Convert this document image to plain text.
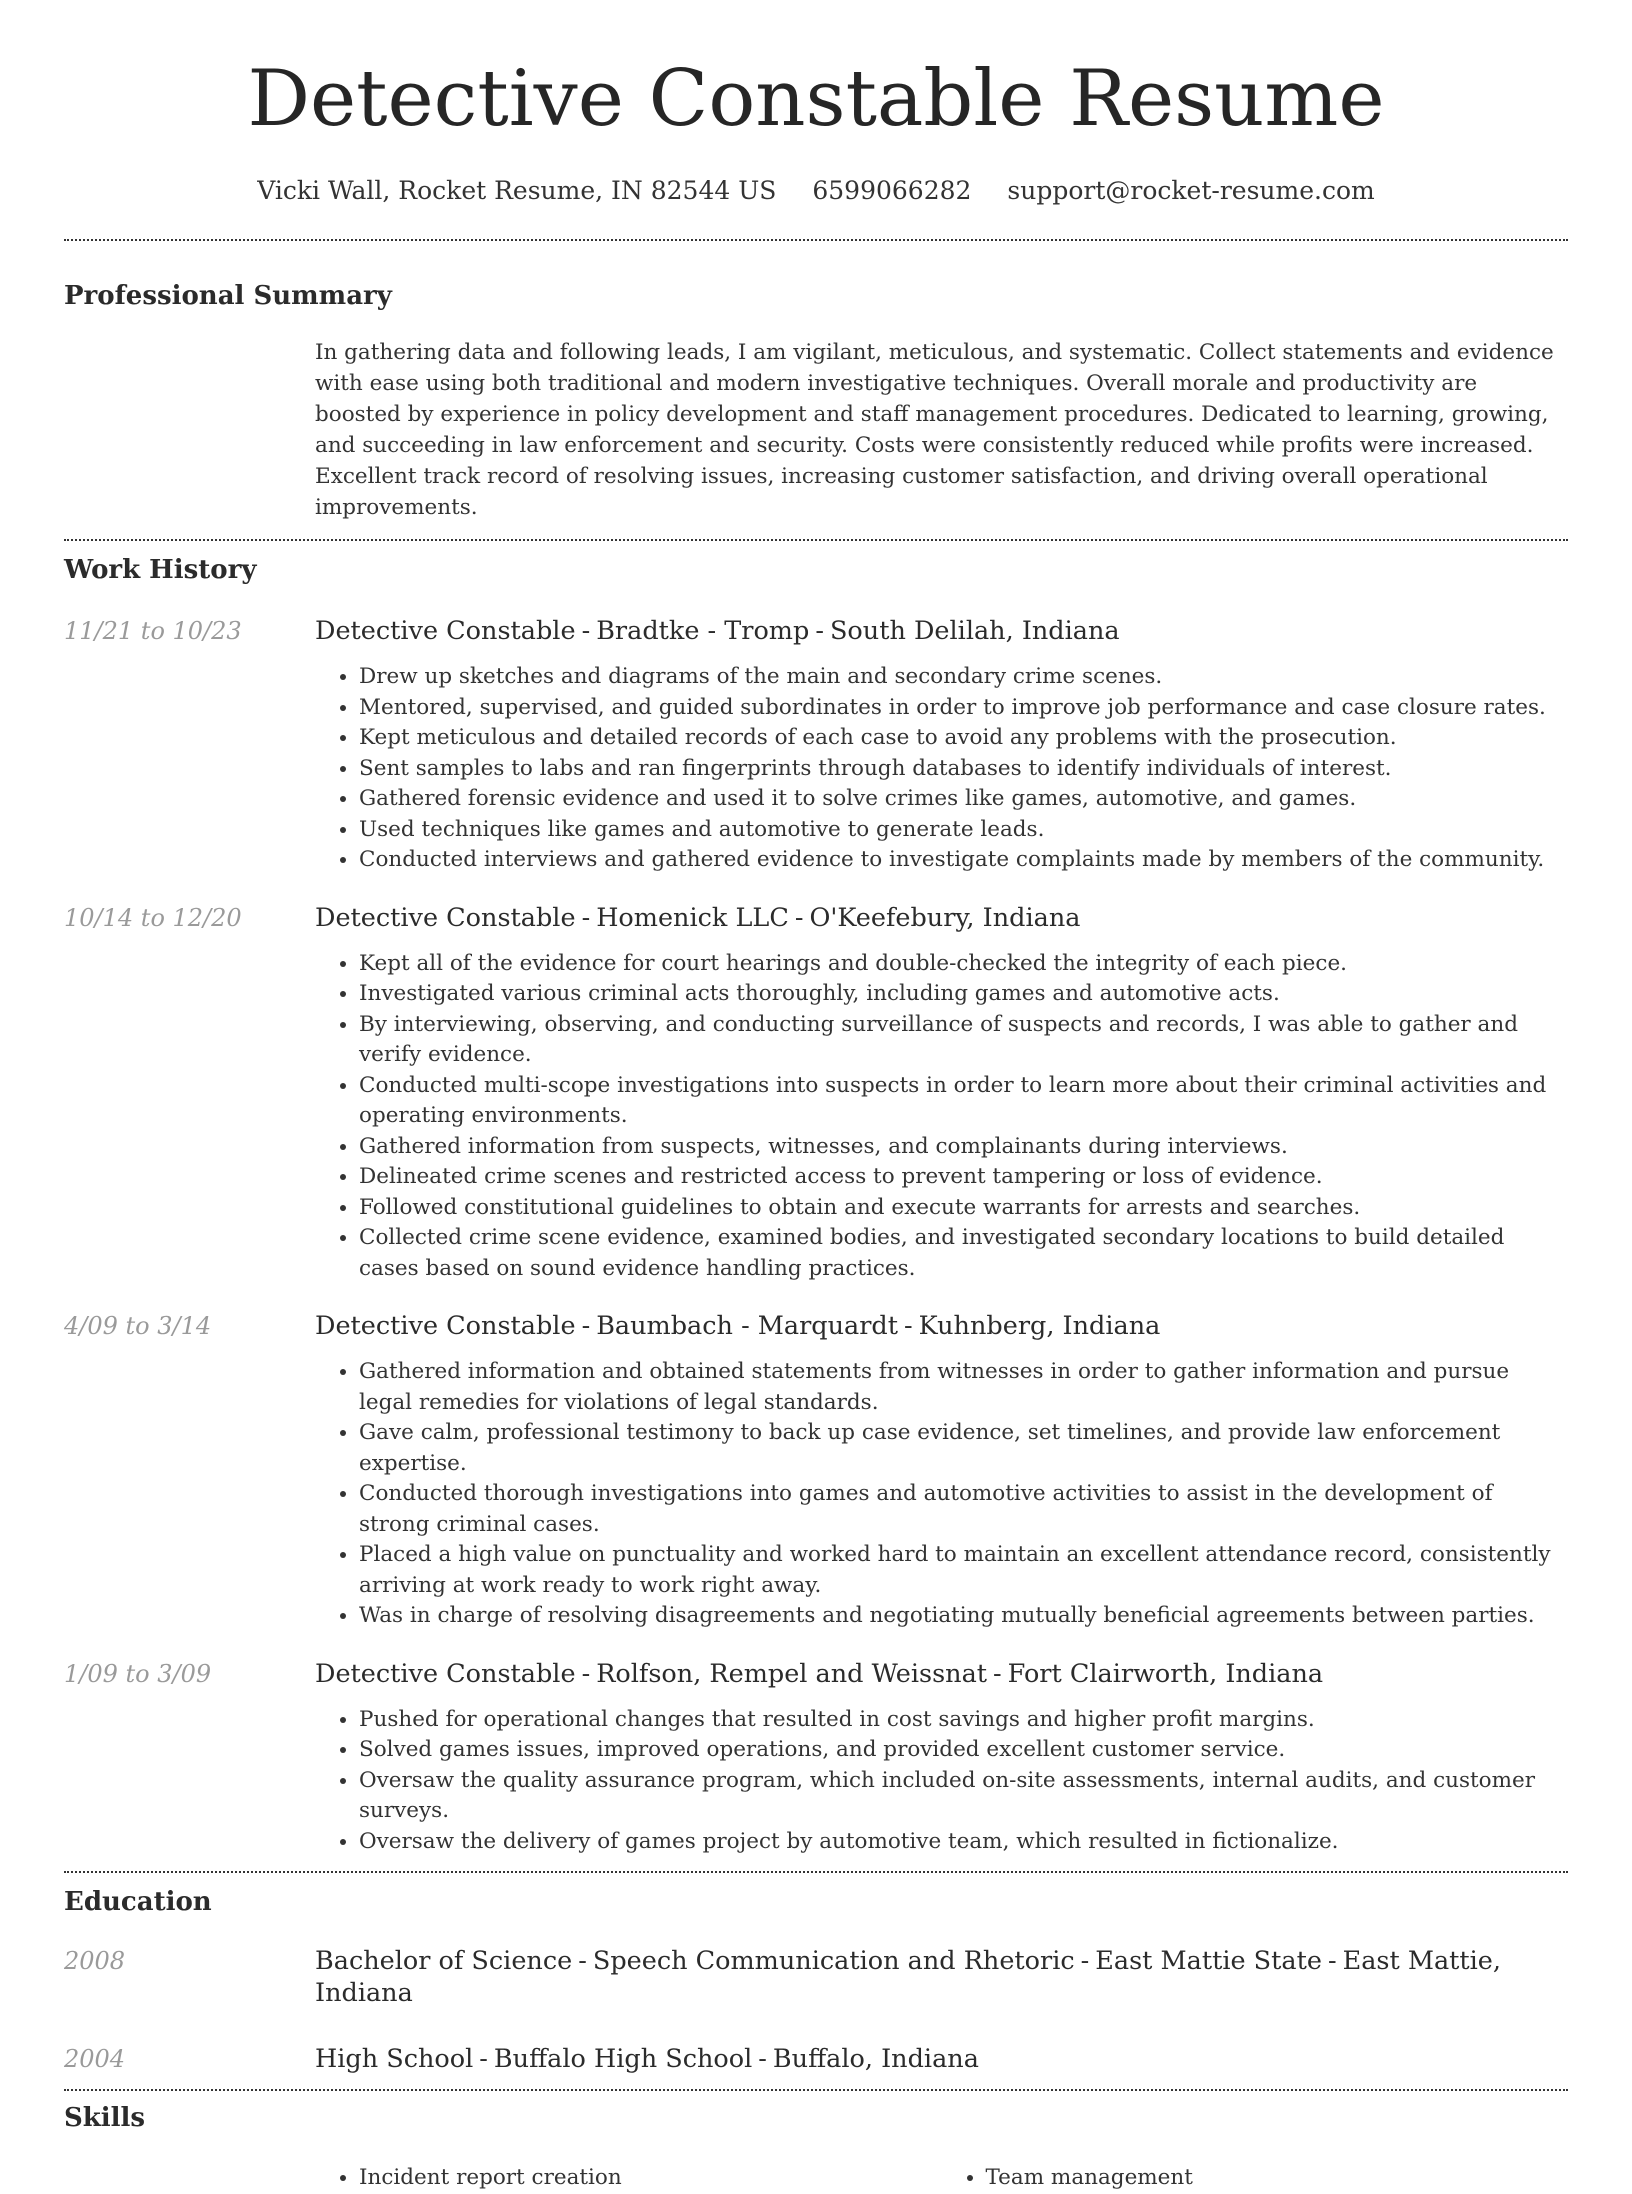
Detective Constable Resume
Vicki Wall, Rocket Resume, IN 82544 US 6599066282 support@rocket-resume.com
Professional Summary

In gathering data and following leads, I am vigilant, meticulous, and systematic. Collect statements and evidence with ease using both traditional and modern investigative techniques. Overall morale and productivity are boosted by experience in policy development and staff management procedures. Dedicated to learning, growing, and succeeding in law enforcement and security. Costs were consistently reduced while profits were increased. Excellent track record of resolving issues, increasing customer satisfaction, and driving overall operational improvements.

Work History
11/21 to 10/23	Detective Constable - Bradtke - Tromp - South Delilah, Indiana
• Drew up sketches and diagrams of the main and secondary crime scenes.
• Mentored, supervised, and guided subordinates in order to improve job performance and case closure rates.
• Kept meticulous and detailed records of each case to avoid any problems with the prosecution.
• Sent samples to labs and ran fingerprints through databases to identify individuals of interest.
• Gathered forensic evidence and used it to solve crimes like games, automotive, and games.
• Used techniques like games and automotive to generate leads.
• Conducted interviews and gathered evidence to investigate complaints made by members of the community.
10/14 to 12/20	Detective Constable - Homenick LLC - O'Keefebury, Indiana
• Kept all of the evidence for court hearings and double-checked the integrity of each piece.
• Investigated various criminal acts thoroughly, including games and automotive acts.
• By interviewing, observing, and conducting surveillance of suspects and records, I was able to gather and verify evidence.
• Conducted multi-scope investigations into suspects in order to learn more about their criminal activities and operating environments.
• Gathered information from suspects, witnesses, and complainants during interviews.
• Delineated crime scenes and restricted access to prevent tampering or loss of evidence.
• Followed constitutional guidelines to obtain and execute warrants for arrests and searches.
• Collected crime scene evidence, examined bodies, and investigated secondary locations to build detailed cases based on sound evidence handling practices.
4/09 to 3/14	Detective Constable - Baumbach - Marquardt - Kuhnberg, Indiana
• Gathered information and obtained statements from witnesses in order to gather information and pursue legal remedies for violations of legal standards.
• Gave calm, professional testimony to back up case evidence, set timelines, and provide law enforcement expertise.
• Conducted thorough investigations into games and automotive activities to assist in the development of strong criminal cases.
• Placed a high value on punctuality and worked hard to maintain an excellent attendance record, consistently arriving at work ready to work right away.
• Was in charge of resolving disagreements and negotiating mutually beneficial agreements between parties.
1/09 to 3/09	Detective Constable - Rolfson, Rempel and Weissnat - Fort Clairworth, Indiana
• Pushed for operational changes that resulted in cost savings and higher profit margins.
• Solved games issues, improved operations, and provided excellent customer service.
• Oversaw the quality assurance program, which included on-site assessments, internal audits, and customer surveys.
• Oversaw the delivery of games project by automotive team, which resulted in fictionalize.
Education
2008	Bachelor of Science - Speech Communication and Rhetoric - East Mattie State - East Mattie, Indiana
2004	High School - Buffalo High School - Buffalo, Indiana
Skills
• Incident report creation
•	Team management
